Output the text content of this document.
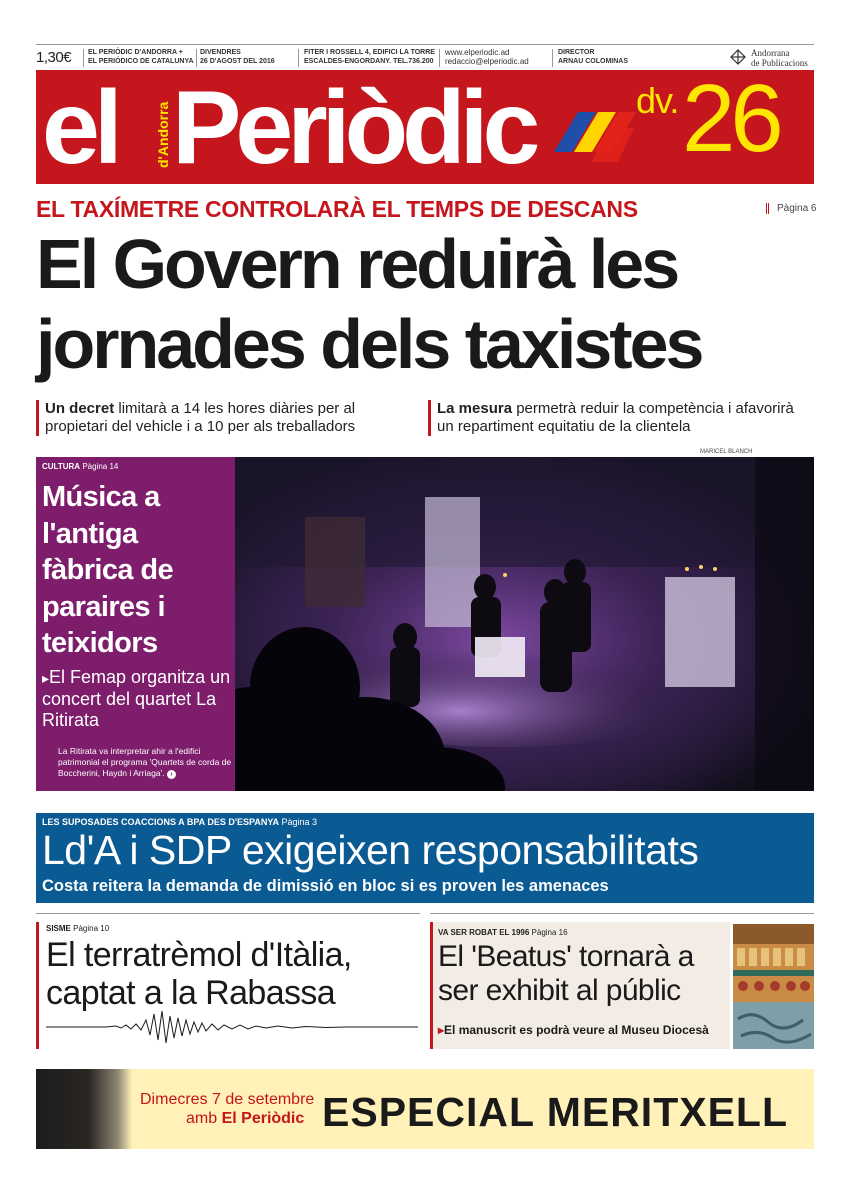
1,30€ EL PERIÒDIC D'ANDORRA +
EL PERIÓDICO DE CATALUNYA
DIVENDRES
26 D'AGOST DEL 2016
FITER I ROSSELL 4, EDIFICI LA TORRE
ESCALDES-ENGORDANY. TEL.736.200
www.elperiodic.ad
redaccio@elperiodic.ad
DIRECTOR
ARNAU COLOMINAS
Andorrana
de Publicacions
el	d'Andorra Periòdic	dv. 26
EL TAXÍMETRE CONTROLARÀ EL TEMPS DE DESCANS	Pàgina 6
El Govern reduirà les
jornades dels taxistes
Un decret limitarà a 14 les hores diàries per al propietari del vehicle i a 10 per als treballadors
La mesura permetrà reduir la competència i afavorirà un repartiment equitatiu de la clientela
MARICEL BLANCH
CULTURA Pàgina 14
Música a l'antiga fàbrica de paraires i teixidors
▸El Femap organitza un concert del quartet La Ritirata
La Ritirata va interpretar ahir a l'edifici patrimonial el programa 'Quartets de corda de Boccherini, Haydn i Arriaga'. ›
LES SUPOSADES COACCIONS A BPA DES D'ESPANYA Pàgina 3
Ld'A i SDP exigeixen responsabilitats
Costa reitera la demanda de dimissió en bloc si es proven les amenaces
SISME Pàgina 10
El terratrèmol d'Itàlia, captat a la Rabassa
VA SER ROBAT EL 1996 Pàgina 16
El 'Beatus' tornarà a ser exhibit al públic
▸El manuscrit es podrà veure al Museu Diocesà
Dimecres 7 de setembre
amb El Periòdic ESPECIAL MERITXELL
